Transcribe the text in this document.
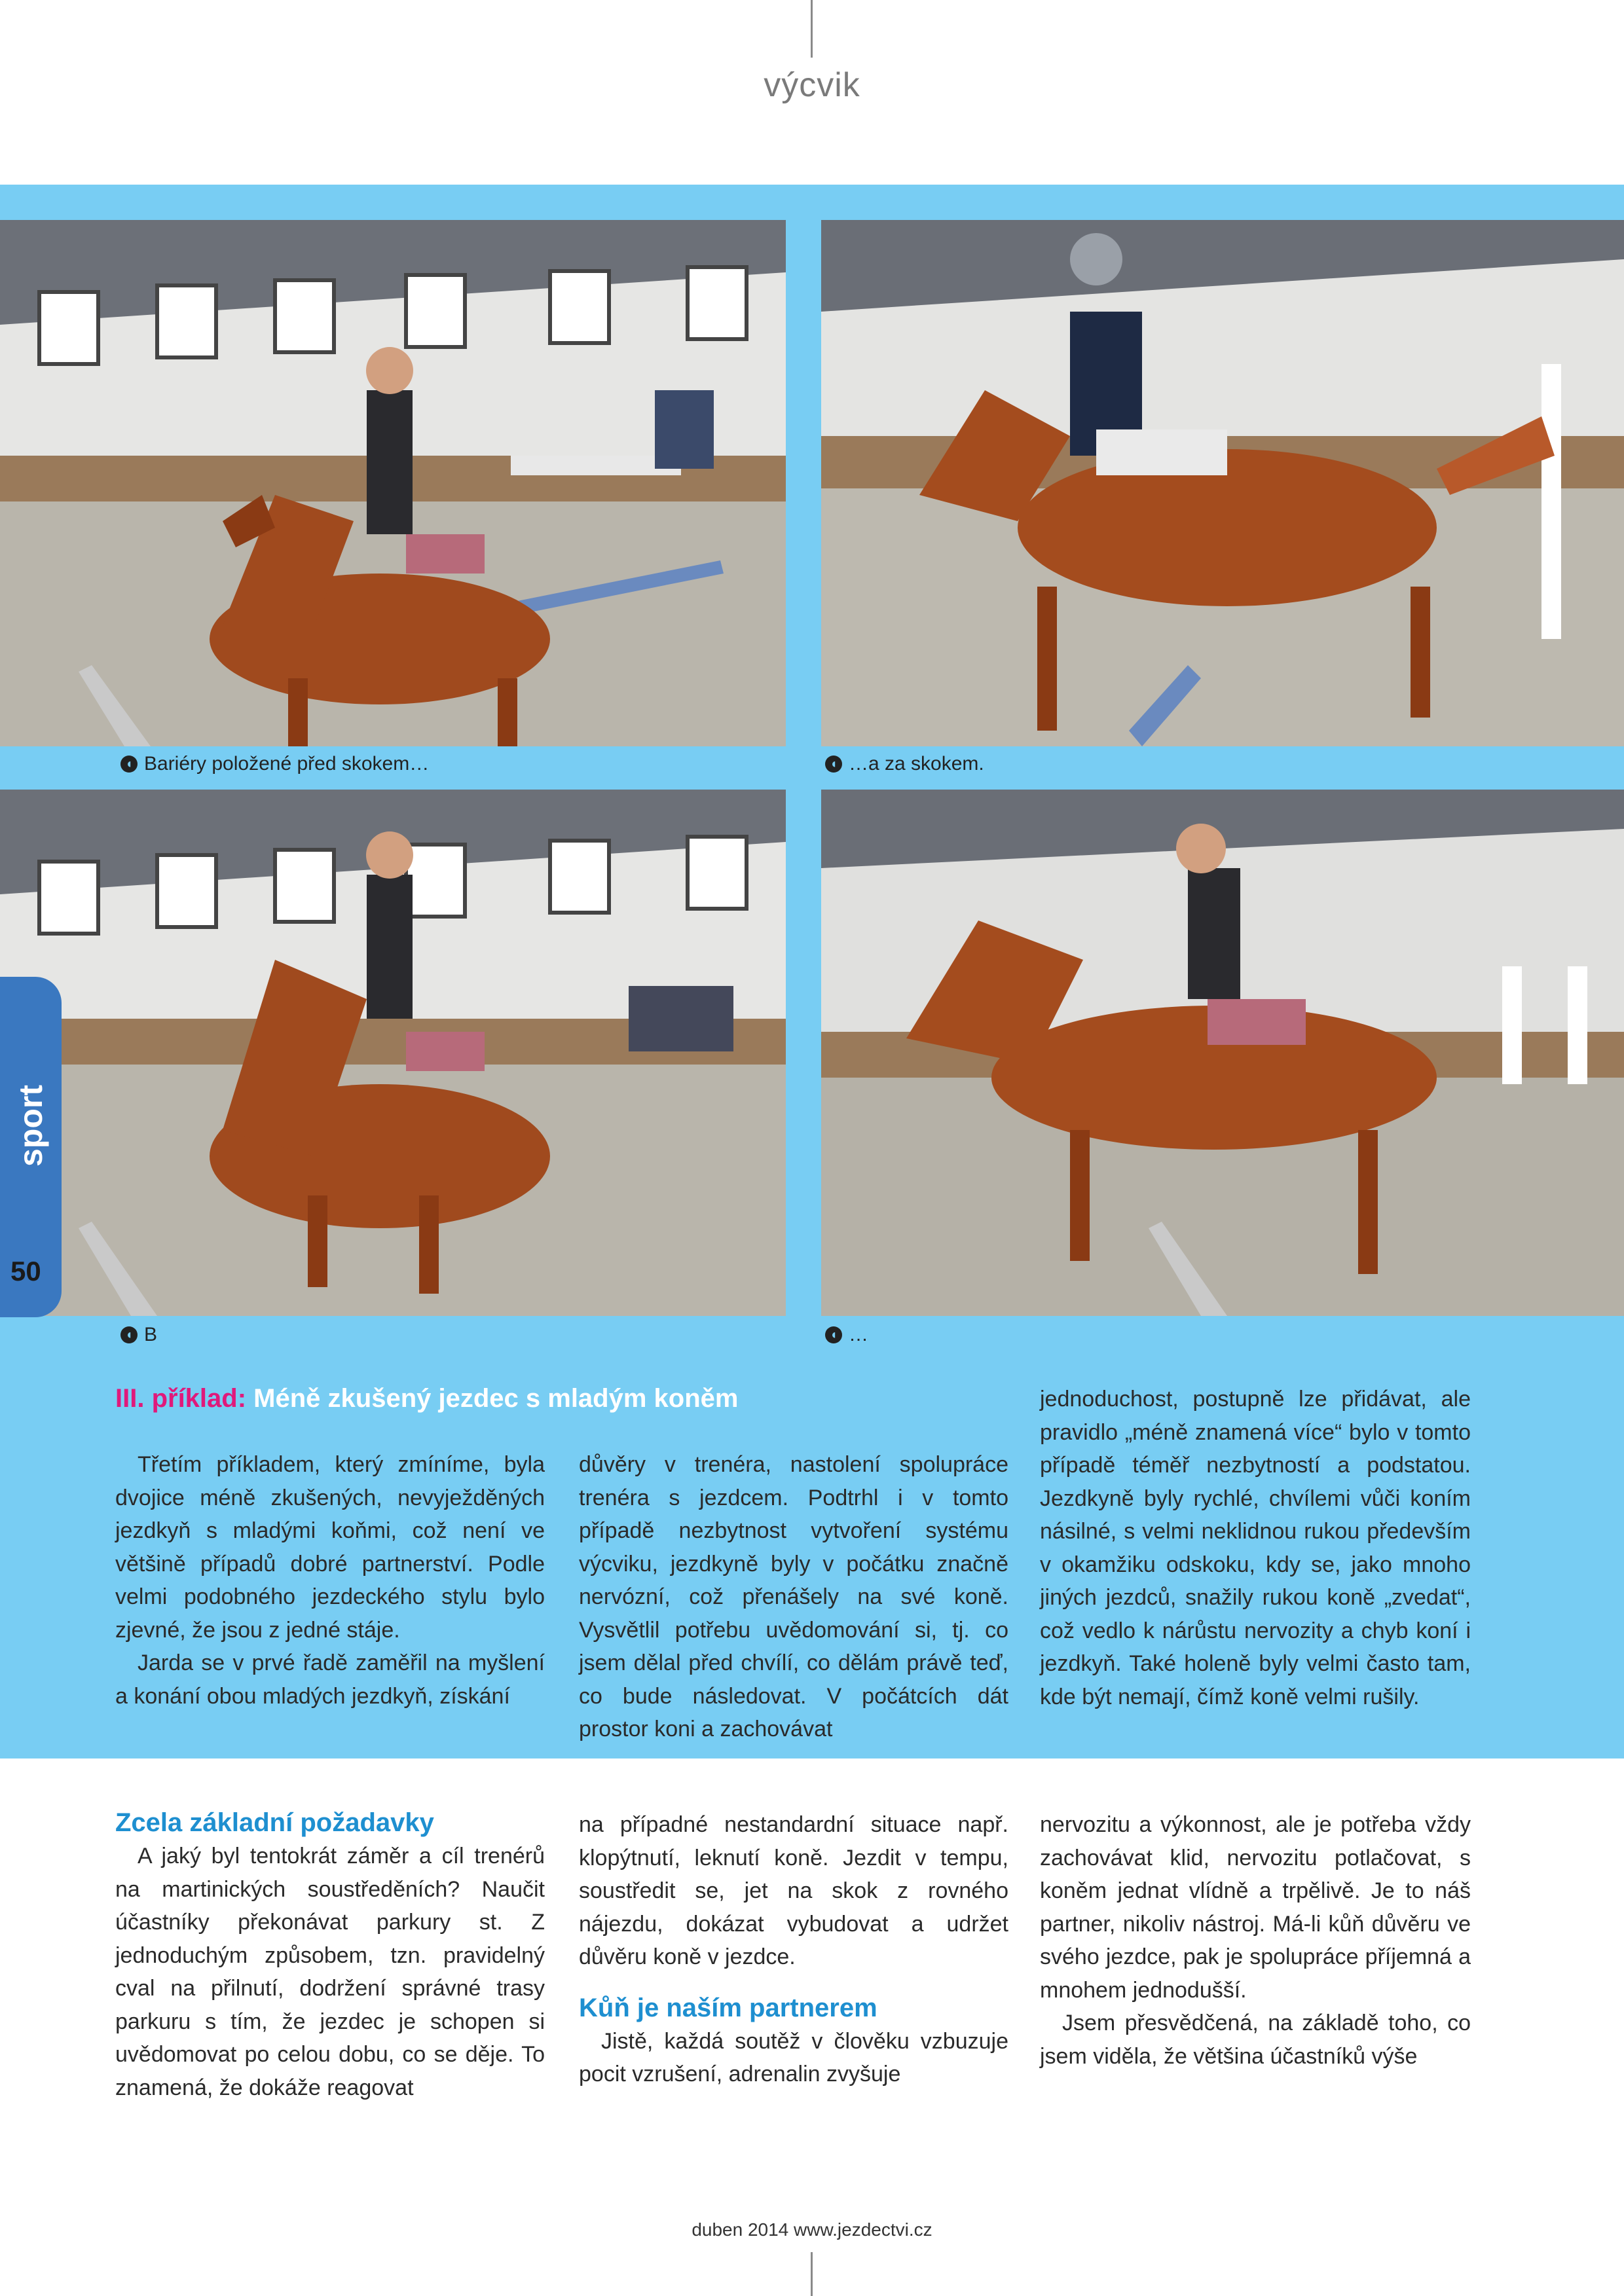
výcvik
◖ Bariéry položené před skokem…	◖ …a za skokem.
◖ B	◖ …
sport
50
III. příklad: Méně zkušený jezdec s mladým koněm

Třetím příkladem, který zmíníme, byla dvojice méně zkušených, nevyježděných jezdkyň s mladými koňmi, což není ve většině případů dobré partnerství. Podle velmi podobného jezdeckého stylu bylo zjevné, že jsou z jedné stáje.

Jarda se v prvé řadě zaměřil na myšlení a konání obou mladých jezdkyň, získání

důvěry v trenéra, nastolení spolupráce trenéra s jezdcem. Podtrhl i v tomto případě nezbytnost vytvoření systému výcviku, jezdkyně byly v počátku značně nervózní, což přenášely na své koně. Vysvětlil potřebu uvědomování si, tj. co jsem dělal před chvílí, co dělám právě teď, co bude následovat. V počátcích dát prostor koni a zachovávat

jednoduchost, postupně lze přidávat, ale pravidlo „méně znamená více“ bylo v tomto případě téměř nezbytností a podstatou. Jezdkyně byly rychlé, chvílemi vůči koním násilné, s velmi neklidnou rukou především v okamžiku odskoku, kdy se, jako mnoho jiných jezdců, snažily rukou koně „zvedat“, což vedlo k nárůstu nervozity a chyb koní i jezdkyň. Také holeně byly velmi často tam, kde být nemají, čímž koně velmi rušily.

Zcela základní požadavky

A jaký byl tentokrát záměr a cíl trenérů na martinických soustředěních? Naučit účastníky překonávat parkury st. Z jednoduchým způsobem, tzn. pravidelný cval na přilnutí, dodržení správné trasy parkuru s tím, že jezdec je schopen si uvědomovat po celou dobu, co se děje. To znamená, že dokáže reagovat

na případné nestandardní situace např. klopýtnutí, leknutí koně. Jezdit v tempu, soustředit se, jet na skok z rovného nájezdu, dokázat vybudovat a udržet důvěru koně v jezdce.

Kůň je naším partnerem

Jistě, každá soutěž v člověku vzbuzuje pocit vzrušení, adrenalin zvyšuje

nervozitu a výkonnost, ale je potřeba vždy zachovávat klid, nervozitu potlačovat, s koněm jednat vlídně a trpělivě. Je to náš partner, nikoliv nástroj. Má-li kůň důvěru ve svého jezdce, pak je spolupráce příjemná a mnohem jednodušší.

Jsem přesvědčená, na základě toho, co jsem viděla, že většina účastníků výše

duben 2014 www.jezdectvi.cz
